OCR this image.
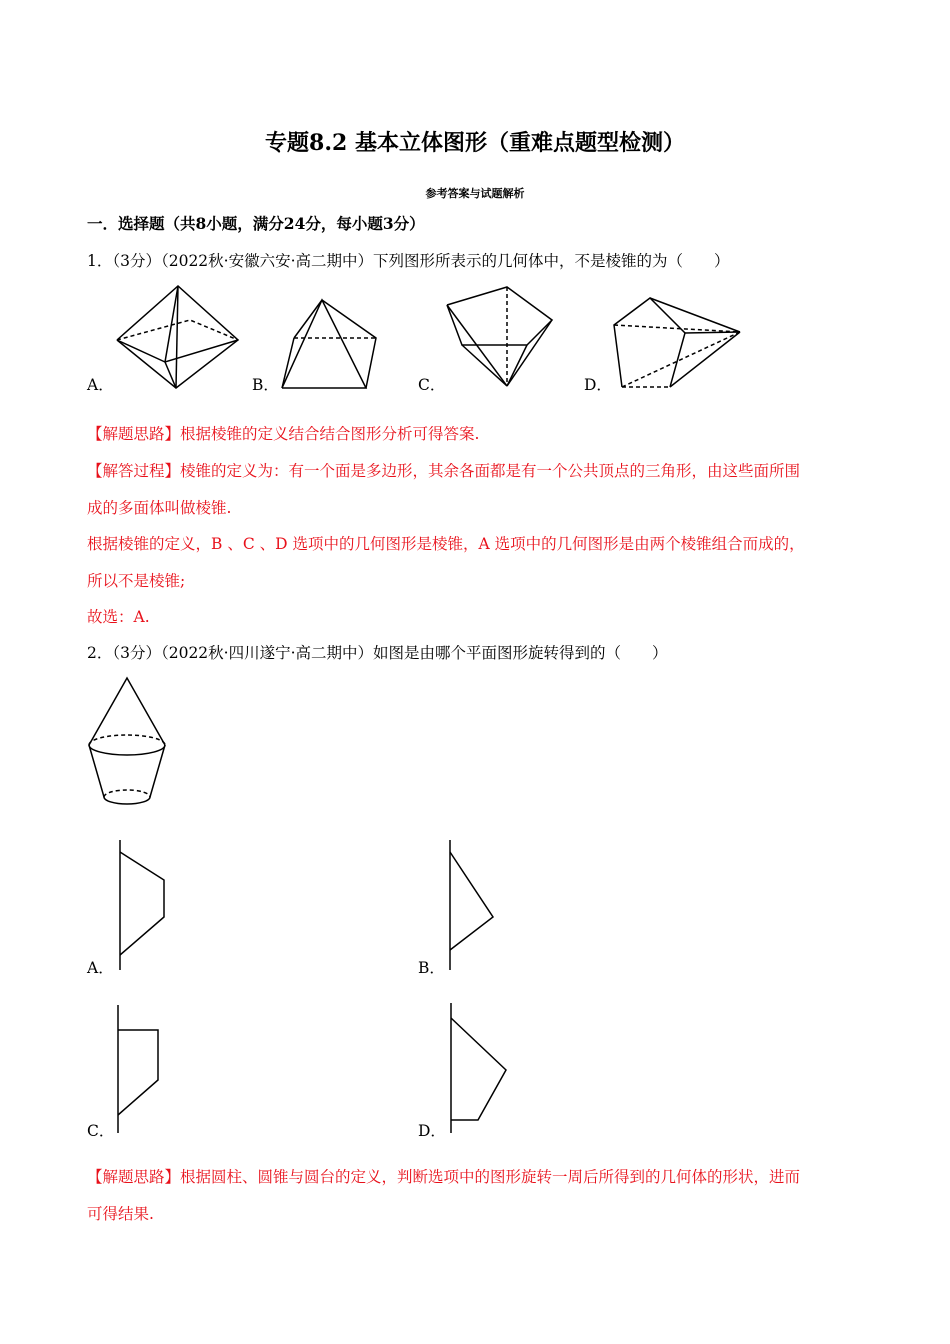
专题8.2 基本立体图形（重难点题型检测）
参考答案与试题解析
一．选择题（共8小题，满分24分，每小题3分）
1．（3分）（2022秋·安徽六安·高二期中）下列图形所表示的几何体中，不是棱锥的为（　　）
A．	B．	C．	D．
【解题思路】根据棱锥的定义结合结合图形分析可得答案.
【解答过程】棱锥的定义为：有一个面是多边形，其余各面都是有一个公共顶点的三角形，由这些面所围
成的多面体叫做棱锥.
根据棱锥的定义，B 、C 、D 选项中的几何图形是棱锥，A 选项中的几何图形是由两个棱锥组合而成的，
所以不是棱锥;
故选：A.
2．（3分）（2022秋·四川遂宁·高二期中）如图是由哪个平面图形旋转得到的（　　）
A．	B．
C．	D．
【解题思路】根据圆柱、圆锥与圆台的定义，判断选项中的图形旋转一周后所得到的几何体的形状，进而
可得结果.
